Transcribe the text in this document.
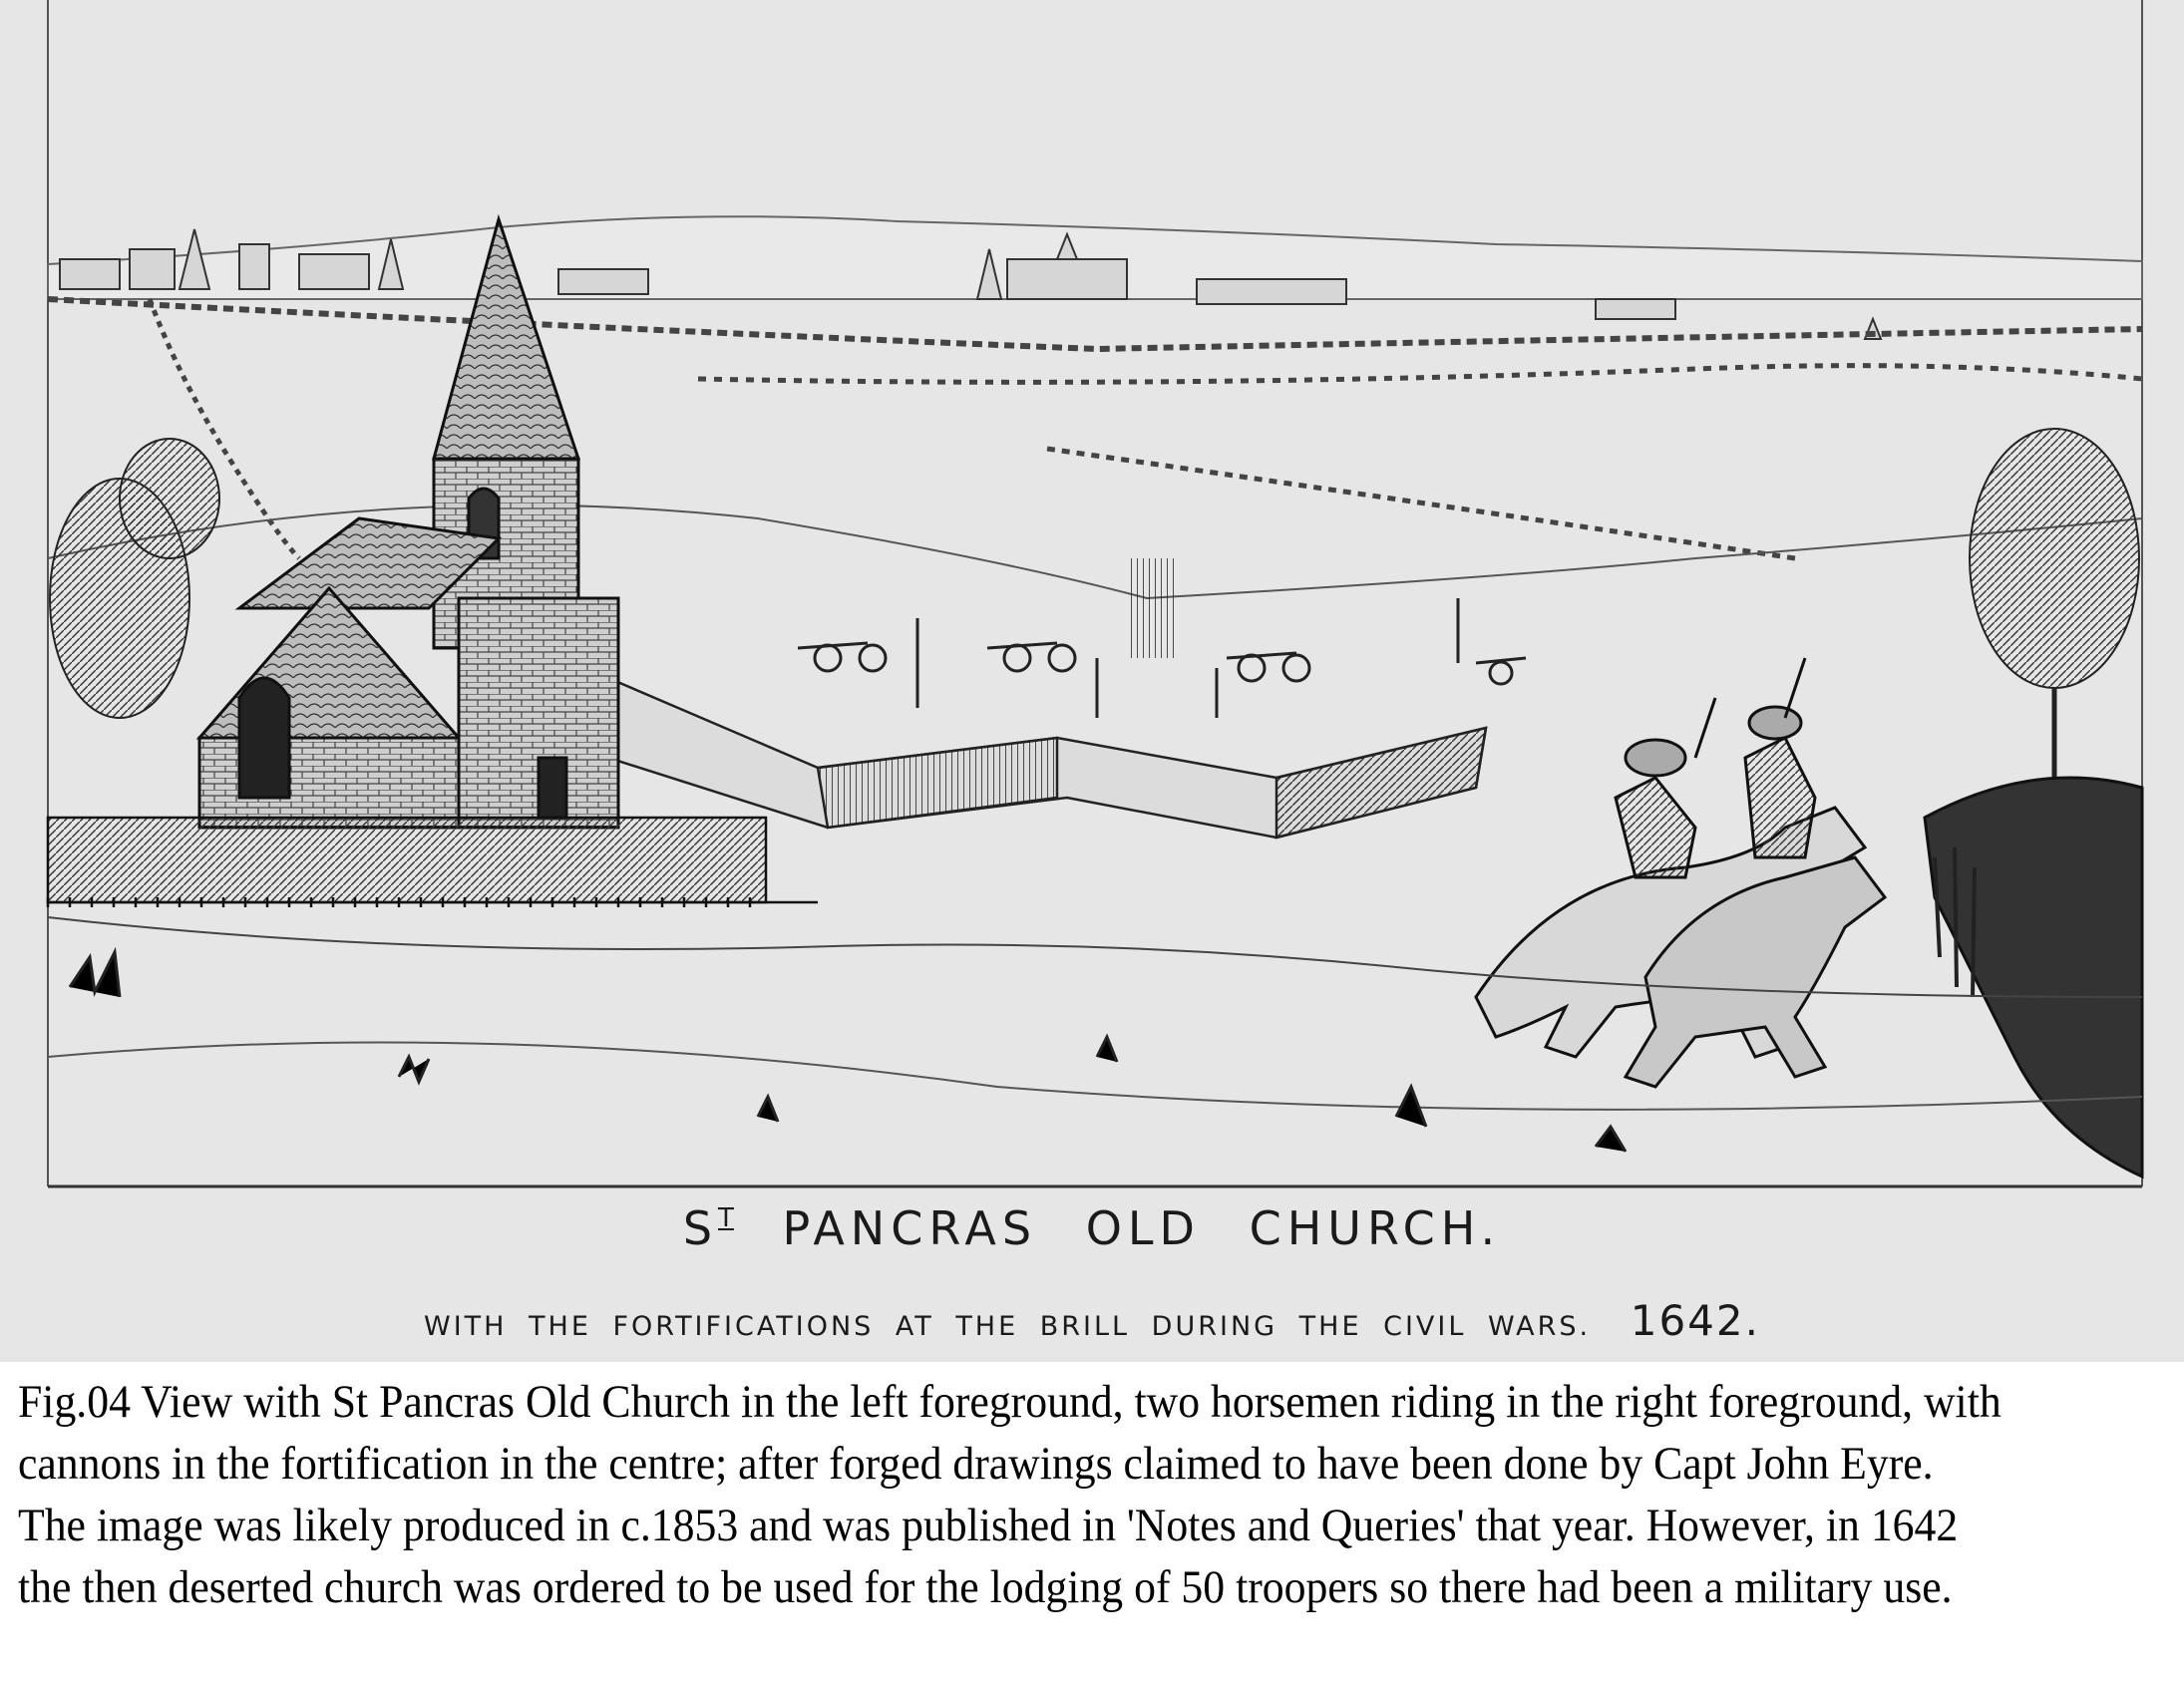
$S^T$ PANCRAS OLD CHURCH.
WITH THE FORTIFICATIONS AT THE BRILL DURING THE CIVIL WARS. 1642.
Fig.04 View with St Pancras Old Church in the left foreground, two horsemen riding in the right foreground, with
cannons in the fortification in the centre; after forged drawings claimed to have been done by Capt John Eyre.
The image was likely produced in c.1853 and was published in 'Notes and Queries' that year. However, in 1642
the then deserted church was ordered to be used for the lodging of 50 troopers so there had been a military use.
